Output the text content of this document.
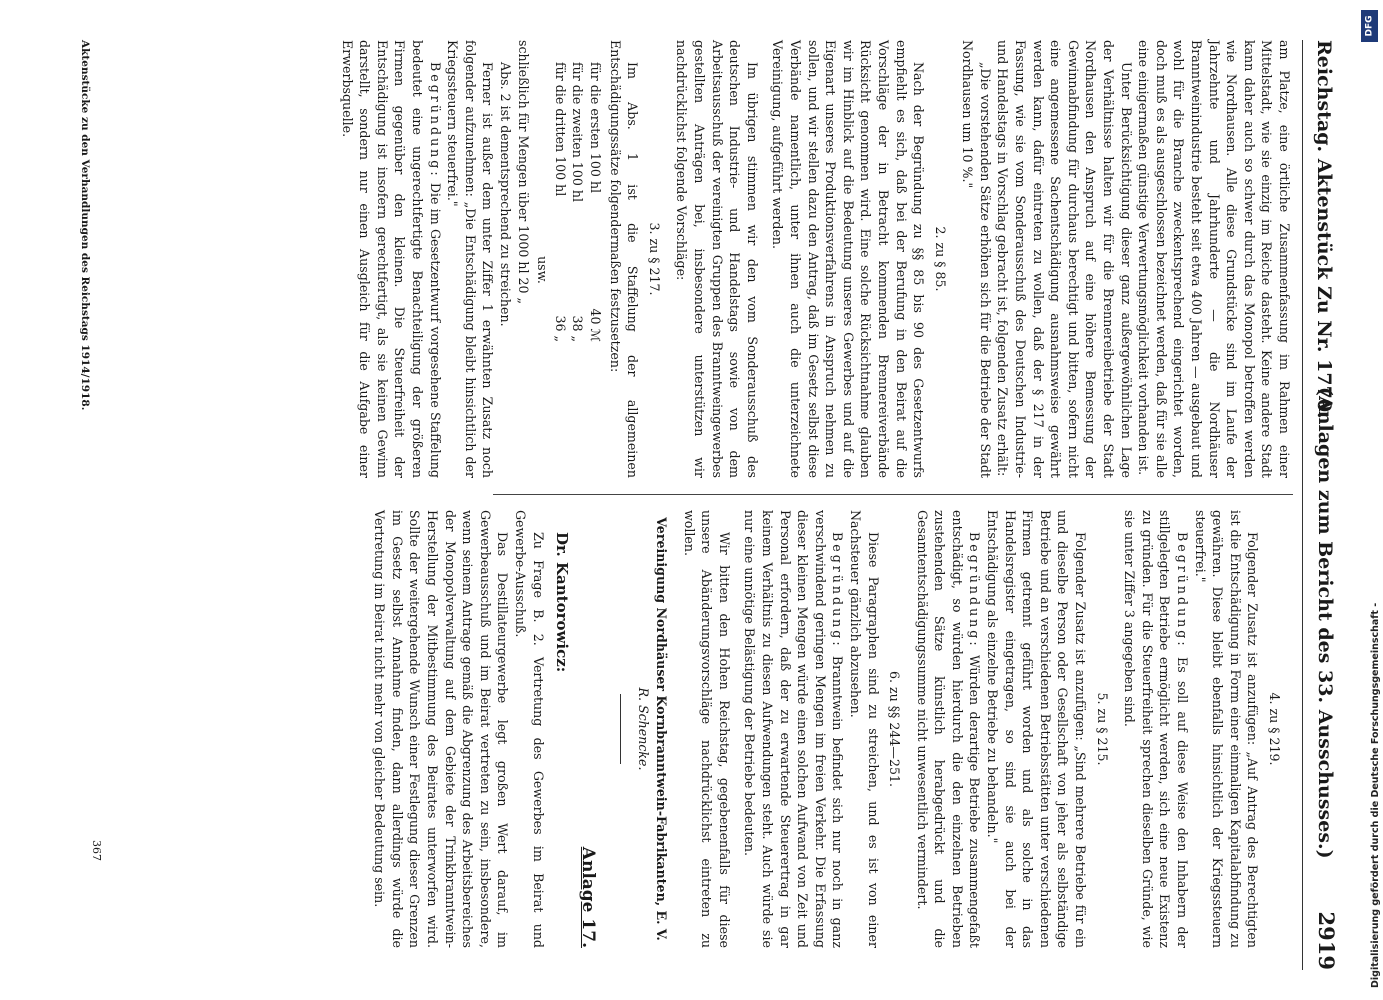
Reichstag. Aktenstück Zu Nr. 1770.
(Anlagen zum Bericht des 33. Ausschusses.)        2919

am Platze, eine örtliche Zusammenfassung im Rahmen einer Mittelstadt, wie sie einzig im Reiche dasteht. Keine andere Stadt kann daher auch so schwer durch das Monopol betroffen werden wie Nordhausen. Alle diese Grundstücke sind im Laufe der Jahrzehnte und Jahrhunderte — die Nordhäuser Branntweinindustrie besteht seit etwa 400 Jahren — ausgebaut und wohl für die Branche zweckentsprechend eingerichtet worden, doch muß es als ausgeschlossen bezeichnet werden, daß für sie alle eine einigermaßen günstige Verwertungsmöglichkeit vorhanden ist.

Unter Berücksichtigung dieser ganz außergewöhnlichen Lage der Verhältnisse halten wir für die Brennereibetriebe der Stadt Nordhausen den Anspruch auf eine höhere Bemessung der Gewinnabfindung für durchaus berechtigt und bitten, sofern nicht eine angemessene Sachentschädigung ausnahmsweise gewährt werden kann, dafür eintreten zu wollen, daß der § 217 in der Fassung, wie sie vom Sonderausschuß des Deutschen Industrie- und Handelstags in Vorschlag gebracht ist, folgenden Zusatz erhält:

„Die vorstehenden Sätze erhöhen sich für die Betriebe der Stadt Nordhausen um 10 %."

2. zu § 85.

Nach der Begründung zu §§ 85 bis 90 des Gesetzentwurfs empfiehlt es sich, daß bei der Berufung in den Beirat auf die Vorschläge der in Betracht kommenden Brennereiverbände Rücksicht genommen wird. Eine solche Rücksichtnahme glauben wir im Hinblick auf die Bedeutung unseres Gewerbes und auf die Eigenart unseres Produktionsverfahrens in Anspruch nehmen zu sollen, und wir stellen dazu den Antrag, daß im Gesetz selbst diese Verbände namentlich, unter ihnen auch die unterzeichnete Vereinigung, aufgeführt werden.

Im übrigen stimmen wir den vom Sonderausschuß des deutschen Industrie- und Handelstags sowie von dem Arbeitsausschuß der vereinigten Gruppen des Branntweingewerbes gestellten Anträgen bei, insbesondere unterstützen wir nachdrücklichst folgende Vorschläge:

3. zu § 217.

Im Abs. 1 ist die Staffelung der allgemeinen Entschädigungssätze folgendermaßen festzusetzen:

für die ersten 100 hl
40 ℳ
für die zweiten 100 hl
38 „
für die dritten 100 hl
36 „
usw.

schließlich für Mengen über 1000 hl 20 „

Abs. 2 ist dementsprechend zu streichen.

Ferner ist außer dem unter Ziffer 1 erwähnten Zusatz noch folgender aufzunehmen: „Die Entschädigung bleibt hinsichtlich der Kriegssteuern steuerfrei."

Begründung: Die im Gesetzentwurf vorgesehene Staffelung bedeutet eine ungerechtfertigte Benachteiligung der größeren Firmen gegenüber den kleinen. Die Steuerfreiheit der Entschädigung ist insofern gerechtfertigt, als sie keinen Gewinn darstellt, sondern nur einen Ausgleich für die Aufgabe einer Erwerbsquelle.

4. zu § 219.

Folgender Zusatz ist anzufügen: „Auf Antrag des Berechtigten ist die Entschädigung in Form einer einmaligen Kapitalabfindung zu gewähren. Diese bleibt ebenfalls hinsichtlich der Kriegssteuern steuerfrei."

Begründung: Es soll auf diese Weise den Inhabern der stillgelegten Betriebe ermöglicht werden, sich eine neue Existenz zu gründen. Für die Steuerfreiheit sprechen dieselben Gründe, wie sie unter Ziffer 3 angegeben sind.

5. zu § 215.

Folgender Zusatz ist anzufügen: „Sind mehrere Betriebe für ein und dieselbe Person oder Gesellschaft von jeher als selbständige Betriebe und an verschiedenen Betriebsstätten unter verschiedenen Firmen getrennt geführt worden und als solche in das Handelsregister eingetragen, so sind sie auch bei der Entschädigung als einzelne Betriebe zu behandeln."

Begründung: Würden derartige Betriebe zusammengefaßt entschädigt, so würden hierdurch die den einzelnen Betrieben zustehenden Sätze künstlich herabgedrückt und die Gesamtentschädigungssumme nicht unwesentlich vermindert.

6. zu §§ 244—251.

Diese Paragraphen sind zu streichen, und es ist von einer Nachsteuer gänzlich abzusehen.

Begründung: Branntwein befindet sich nur noch in ganz verschwindend geringen Mengen im freien Verkehr. Die Erfassung dieser kleinen Mengen würde einen solchen Aufwand von Zeit und Personal erfordern, daß der zu erwartende Steuerertrag in gar keinem Verhältnis zu diesen Aufwendungen steht. Auch würde sie nur eine unnötige Belästigung der Betriebe bedeuten.

Wir bitten den Hohen Reichstag, gegebenenfalls für diese unsere Abänderungsvorschläge nachdrücklichst eintreten zu wollen.

Vereinigung Nordhäuser Kornbranntwein-Fabrikanten, E. V.
R. Schencke.
Anlage 17.
Dr. Kantorowicz:

Zu Frage B. 2. Vertretung des Gewerbes im Beirat und Gewerbe-Ausschuß.

Das Destillateurgewerbe legt großen Wert darauf, im Gewerbeausschuß und im Beirat vertreten zu sein, insbesondere, wenn seinem Antrage gemäß die Abgrenzung des Arbeitsbereiches der Monopolverwaltung auf dem Gebiete der Trinkbranntwein-Herstellung der Mitbestimmung des Beirates unterworfen wird. Sollte der weitergehende Wunsch einer Festlegung dieser Grenzen im Gesetz selbst Annahme finden, dann allerdings würde die Vertretung im Beirat nicht mehr von gleicher Bedeutung sein.

Aktenstücke zu den Verhandlungen des Reichstags 1914/1918.
367	Digitalisierung gefördert durch die Deutsche Forschungsgemeinschaft -
DFG
